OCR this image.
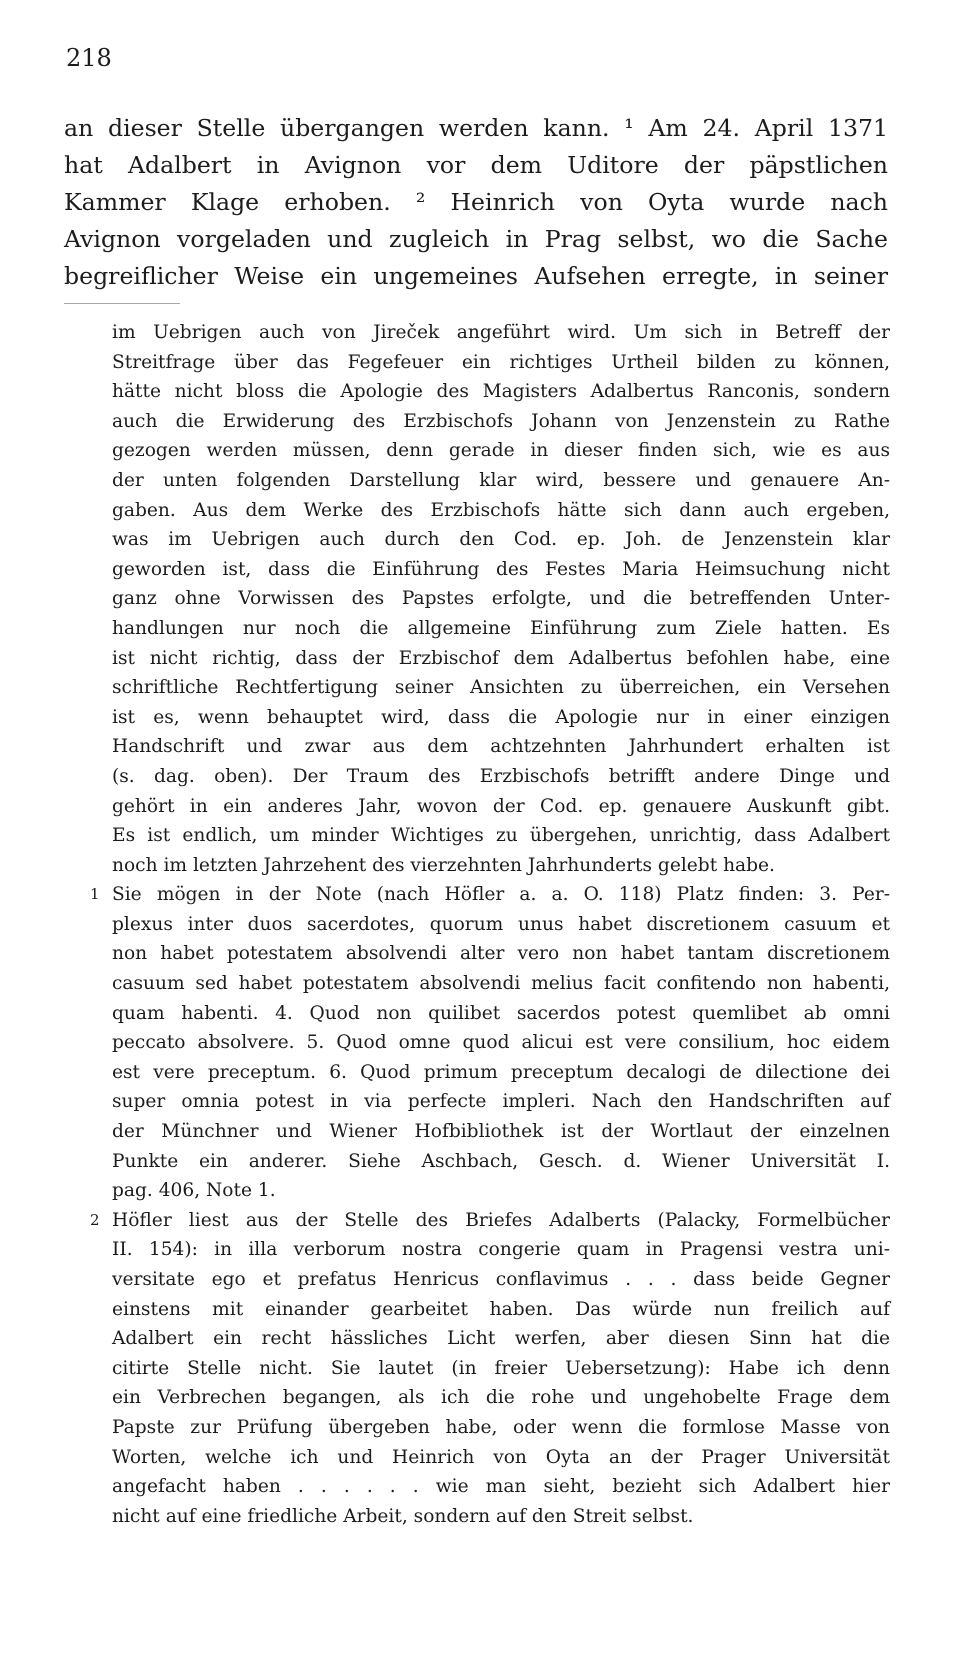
218
an dieser Stelle übergangen werden kann. ¹ Am 24. April 1371
hat Adalbert in Avignon vor dem Uditore der päpstlichen
Kammer Klage erhoben. ² Heinrich von Oyta wurde nach
Avignon vorgeladen und zugleich in Prag selbst, wo die Sache
begreiflicher Weise ein ungemeines Aufsehen erregte, in seiner
im Uebrigen auch von Jireček angeführt wird. Um sich in Betreff der
Streitfrage über das Fegefeuer ein richtiges Urtheil bilden zu können,
hätte nicht bloss die Apologie des Magisters Adalbertus Ranconis, sondern
auch die Erwiderung des Erzbischofs Johann von Jenzenstein zu Rathe
gezogen werden müssen, denn gerade in dieser finden sich, wie es aus
der unten folgenden Darstellung klar wird, bessere und genauere An-
gaben. Aus dem Werke des Erzbischofs hätte sich dann auch ergeben,
was im Uebrigen auch durch den Cod. ep. Joh. de Jenzenstein klar
geworden ist, dass die Einführung des Festes Maria Heimsuchung nicht
ganz ohne Vorwissen des Papstes erfolgte, und die betreffenden Unter-
handlungen nur noch die allgemeine Einführung zum Ziele hatten. Es
ist nicht richtig, dass der Erzbischof dem Adalbertus befohlen habe, eine
schriftliche Rechtfertigung seiner Ansichten zu überreichen, ein Versehen
ist es, wenn behauptet wird, dass die Apologie nur in einer einzigen
Handschrift und zwar aus dem achtzehnten Jahrhundert erhalten ist
(s. dag. oben). Der Traum des Erzbischofs betrifft andere Dinge und
gehört in ein anderes Jahr, wovon der Cod. ep. genauere Auskunft gibt.
Es ist endlich, um minder Wichtiges zu übergehen, unrichtig, dass Adalbert
noch im letzten Jahrzehent des vierzehnten Jahrhunderts gelebt habe.
1 Sie mögen in der Note (nach Höfler a. a. O. 118) Platz finden: 3. Per-
plexus inter duos sacerdotes, quorum unus habet discretionem casuum et
non habet potestatem absolvendi alter vero non habet tantam discretionem
casuum sed habet potestatem absolvendi melius facit confitendo non habenti,
quam habenti. 4. Quod non quilibet sacerdos potest quemlibet ab omni
peccato absolvere. 5. Quod omne quod alicui est vere consilium, hoc eidem
est vere preceptum. 6. Quod primum preceptum decalogi de dilectione dei
super omnia potest in via perfecte impleri. Nach den Handschriften auf
der Münchner und Wiener Hofbibliothek ist der Wortlaut der einzelnen
Punkte ein anderer. Siehe Aschbach, Gesch. d. Wiener Universität I.
pag. 406, Note 1.
2 Höfler liest aus der Stelle des Briefes Adalberts (Palacky, Formelbücher
II. 154): in illa verborum nostra congerie quam in Pragensi vestra uni-
versitate ego et prefatus Henricus conflavimus . . . dass beide Gegner
einstens mit einander gearbeitet haben. Das würde nun freilich auf
Adalbert ein recht hässliches Licht werfen, aber diesen Sinn hat die
citirte Stelle nicht. Sie lautet (in freier Uebersetzung): Habe ich denn
ein Verbrechen begangen, als ich die rohe und ungehobelte Frage dem
Papste zur Prüfung übergeben habe, oder wenn die formlose Masse von
Worten, welche ich und Heinrich von Oyta an der Prager Universität
angefacht haben . . . . . . wie man sieht, bezieht sich Adalbert hier
nicht auf eine friedliche Arbeit, sondern auf den Streit selbst.
